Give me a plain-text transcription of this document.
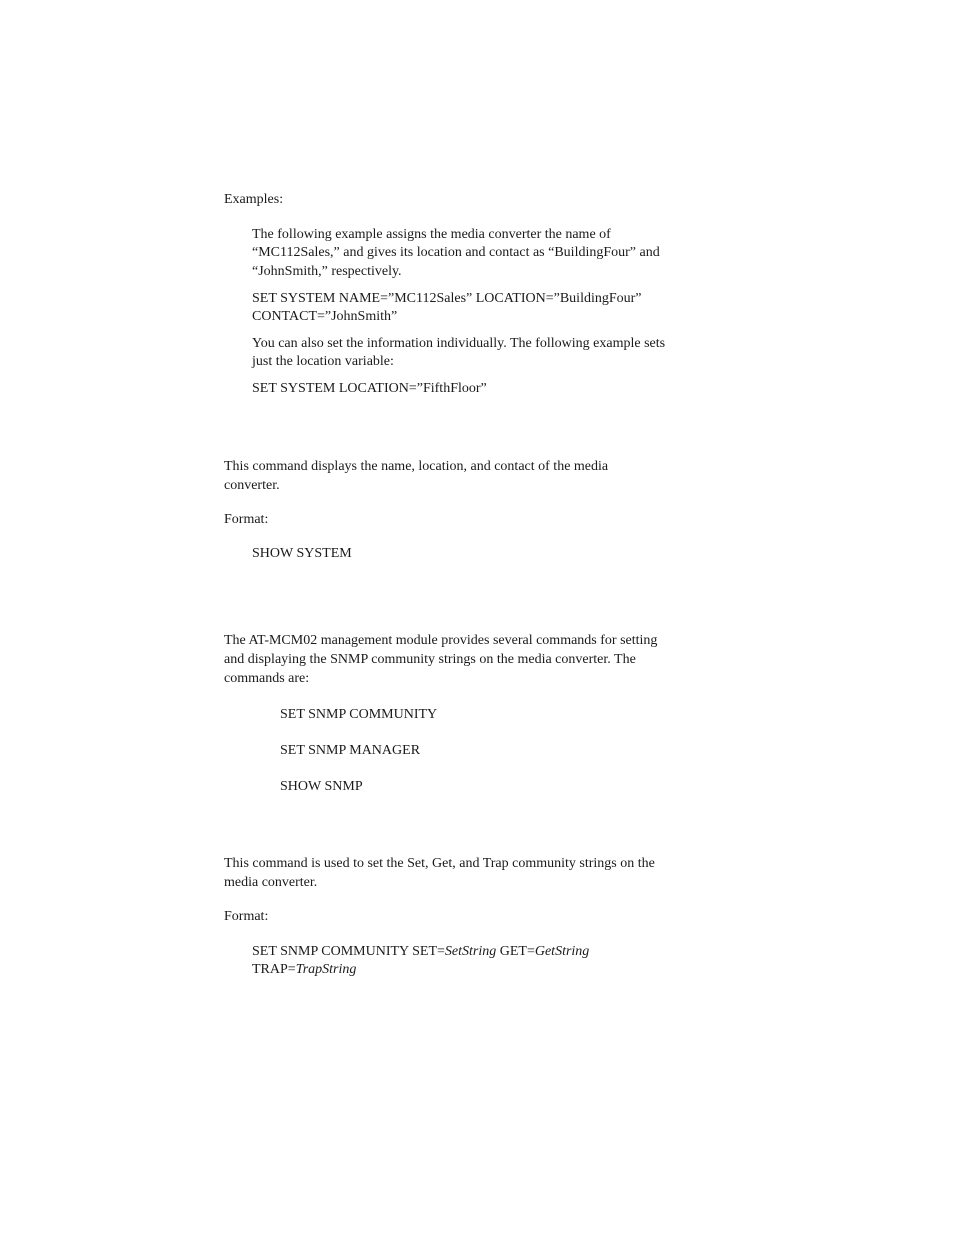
Examples:
The following example assigns the media converter the name of
“MC112Sales,” and gives its location and contact as “BuildingFour” and
“JohnSmith,” respectively.
SET SYSTEM NAME=”MC112Sales” LOCATION=”BuildingFour”
CONTACT=”JohnSmith”
You can also set the information individually. The following example sets
just the location variable:
SET SYSTEM LOCATION=”FifthFloor”
This command displays the name, location, and contact of the media
converter.
Format:
SHOW SYSTEM
The AT-MCM02 management module provides several commands for setting
and displaying the SNMP community strings on the media converter. The
commands are:
SET SNMP COMMUNITY
SET SNMP MANAGER
SHOW SNMP
This command is used to set the Set, Get, and Trap community strings on the
media converter.
Format:
SET SNMP COMMUNITY SET=SetString GET=GetString
TRAP=TrapString
